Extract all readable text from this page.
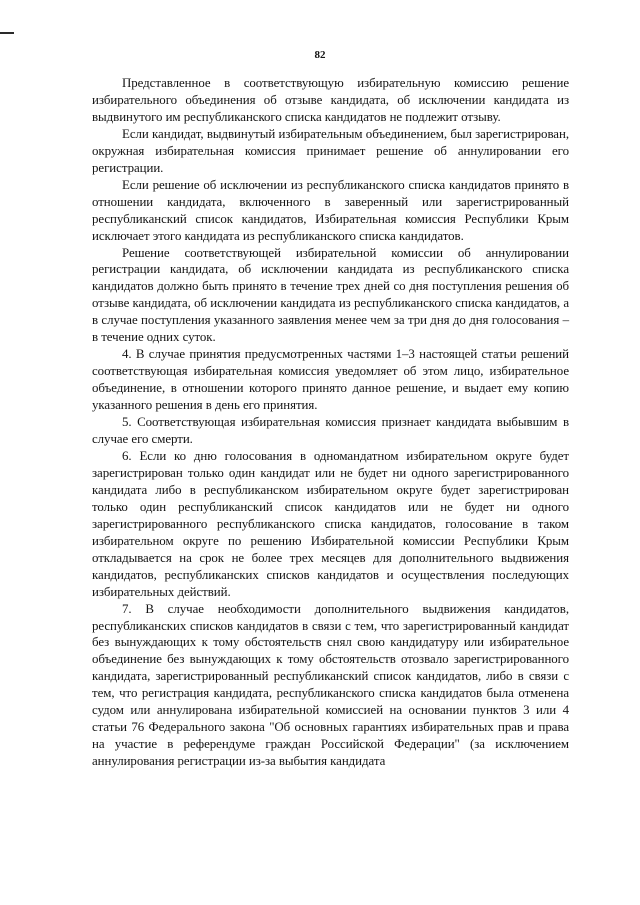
82

Представленное в соответствующую избирательную комиссию решение избирательного объединения об отзыве кандидата, об исключении кандидата из выдвинутого им республиканского списка кандидатов не подлежит отзыву.

Если кандидат, выдвинутый избирательным объединением, был зарегистрирован, окружная избирательная комиссия принимает решение об аннулировании его регистрации.

Если решение об исключении из республиканского списка кандидатов принято в отношении кандидата, включенного в заверенный или зарегистрированный республиканский список кандидатов, Избирательная комиссия Республики Крым исключает этого кандидата из республиканского списка кандидатов.

Решение соответствующей избирательной комиссии об аннулировании регистрации кандидата, об исключении кандидата из республиканского списка кандидатов должно быть принято в течение трех дней со дня поступления решения об отзыве кандидата, об исключении кандидата из республиканского списка кандидатов, а в случае поступления указанного заявления менее чем за три дня до дня голосования – в течение одних суток.

4. В случае принятия предусмотренных частями 1–3 настоящей статьи решений соответствующая избирательная комиссия уведомляет об этом лицо, избирательное объединение, в отношении которого принято данное решение, и выдает ему копию указанного решения в день его принятия.

5. Соответствующая избирательная комиссия признает кандидата выбывшим в случае его смерти.

6. Если ко дню голосования в одномандатном избирательном округе будет зарегистрирован только один кандидат или не будет ни одного зарегистрированного кандидата либо в республиканском избирательном округе будет зарегистрирован только один республиканский список кандидатов или не будет ни одного зарегистрированного республиканского списка кандидатов, голосование в таком избирательном округе по решению Избирательной комиссии Республики Крым откладывается на срок не более трех месяцев для дополнительного выдвижения кандидатов, республиканских списков кандидатов и осуществления последующих избирательных действий.

7. В случае необходимости дополнительного выдвижения кандидатов, республиканских списков кандидатов в связи с тем, что зарегистрированный кандидат без вынуждающих к тому обстоятельств снял свою кандидатуру или избирательное объединение без вынуждающих к тому обстоятельств отозвало зарегистрированного кандидата, зарегистрированный республиканский список кандидатов, либо в связи с тем, что регистрация кандидата, республиканского списка кандидатов была отменена судом или аннулирована избирательной комиссией на основании пунктов 3 или 4 статьи 76 Федерального закона "Об основных гарантиях избирательных прав и права на участие в референдуме граждан Российской Федерации" (за исключением аннулирования регистрации из-за выбытия кандидата
